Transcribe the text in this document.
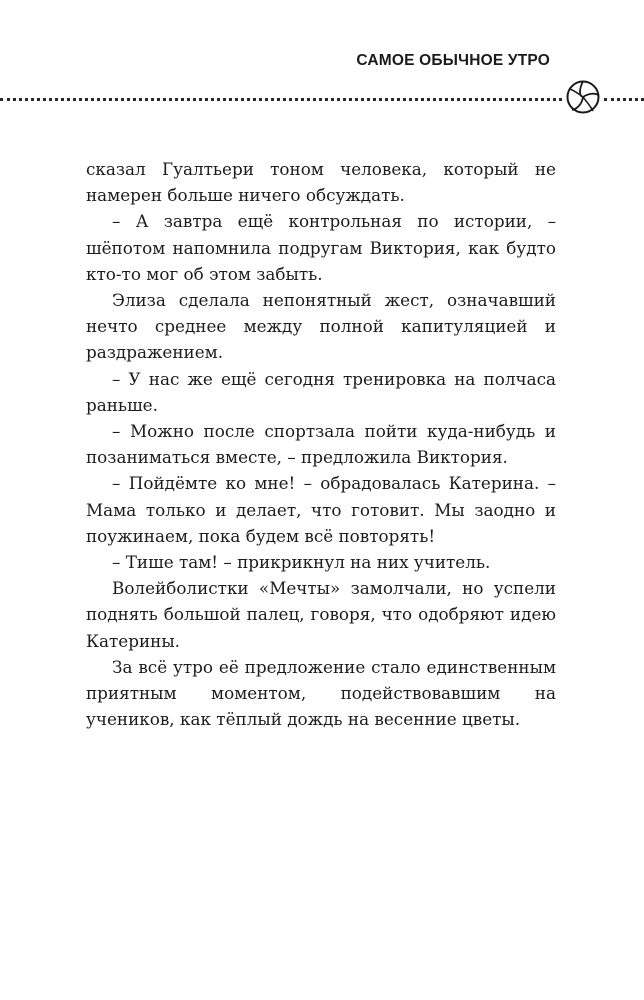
САМОЕ ОБЫЧНОЕ УТРО

сказал Гуалтьери тоном человека, который не намерен больше ничего обсуждать.

– А завтра ещё контрольная по истории, – шёпотом напомнила подругам Виктория, как будто кто-то мог об этом забыть.

Элиза сделала непонятный жест, означавший нечто среднее между полной капитуляцией и раздражением.

– У нас же ещё сегодня тренировка на полчаса раньше.

– Можно после спортзала пойти куда-нибудь и позаниматься вместе, – предложила Виктория.

– Пойдёмте ко мне! – обрадовалась Катерина. – Мама только и делает, что готовит. Мы заодно и поужинаем, пока будем всё повторять!

– Тише там! – прикрикнул на них учитель.

Волейболистки «Мечты» замолчали, но успели поднять большой палец, говоря, что одобряют идею Катерины.

За всё утро её предложение стало единственным приятным моментом, подействовавшим на учеников, как тёплый дождь на весенние цветы.
